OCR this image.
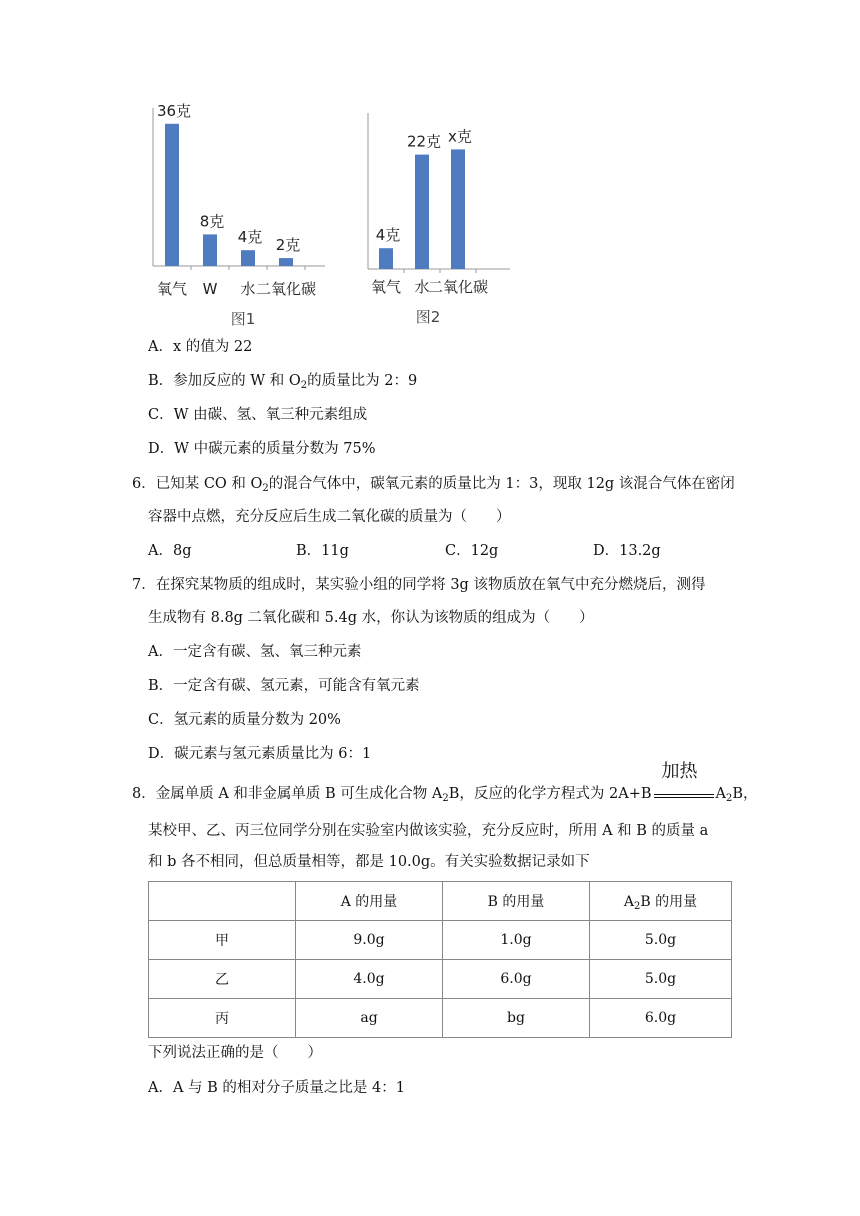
36克
氧气
8克
W
4克
水
2克
二氧化碳
图1
4克
氧气
22克
水
x克
二氧化碳
图2
A．x 的值为 22
B．参加反应的 W 和 $O_2$的质量比为 2：9
C．W 由碳、氢、氧三种元素组成
D．W 中碳元素的质量分数为 75%
6．已知某 CO 和 $O_2$的混合气体中，碳氧元素的质量比为 1：3，现取 12g 该混合气体在密闭
容器中点燃，充分反应后生成二氧化碳的质量为（　　）
A．8g	B．11g	C．12g	D．13.2g
7．在探究某物质的组成时，某实验小组的同学将 3g 该物质放在氧气中充分燃烧后，测得
生成物有 8.8g 二氧化碳和 5.4g 水，你认为该物质的组成为（　　）
A．一定含有碳、氢、氧三种元素
B．一定含有碳、氢元素，可能含有氧元素
C．氢元素的质量分数为 20%
D．碳元素与氢元素质量比为 6：1
8．金属单质 A 和非金属单质 B 可生成化合物 $A_2B$，反应的化学方程式为 2A+B
加热
$A_2B$，
某校甲、乙、丙三位同学分别在实验室内做该实验，充分反应时，所用 A 和 B 的质量 a
和 b 各不相同，但总质量相等，都是 10.0g。有关实验数据记录如下
	A 的用量	B 的用量	$A_2B$ 的用量
甲	9.0g	1.0g	5.0g
乙	4.0g	6.0g	5.0g
丙	ag	bg	6.0g
下列说法正确的是（　　）
A．A 与 B 的相对分子质量之比是 4：1
